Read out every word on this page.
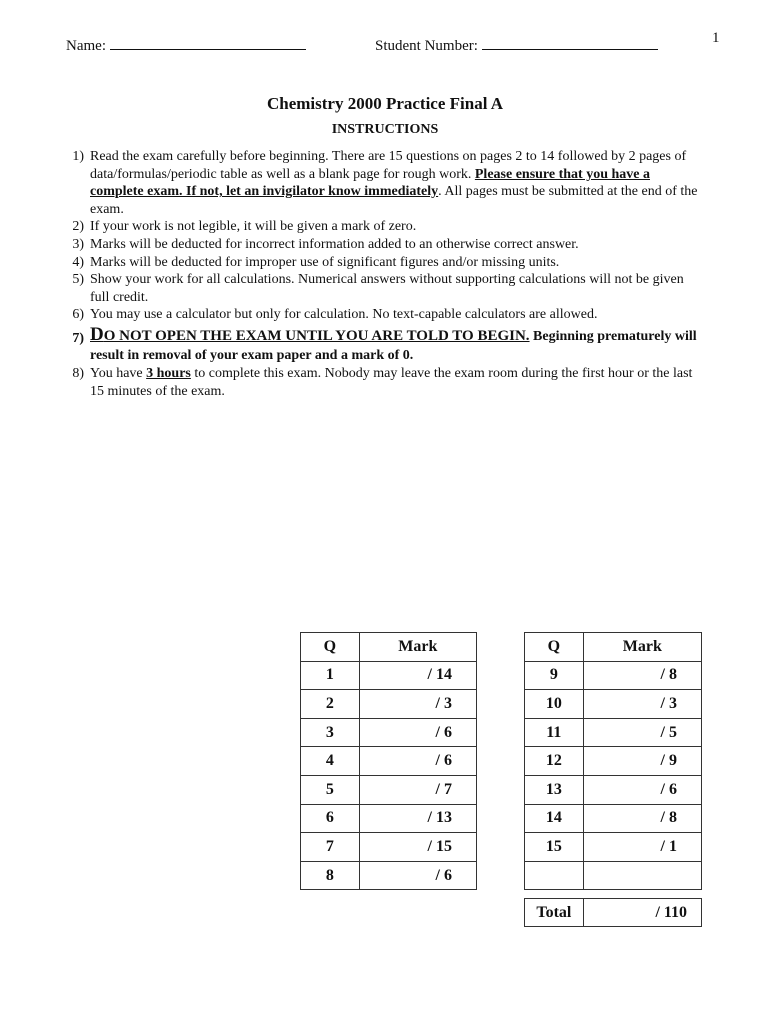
Name:	Student Number:	1
Chemistry 2000 Practice Final A
INSTRUCTIONS
1) Read the exam carefully before beginning. There are 15 questions on pages 2 to 14 followed by 2 pages of data/formulas/periodic table as well as a blank page for rough work. Please ensure that you have a complete exam. If not, let an invigilator know immediately. All pages must be submitted at the end of the exam.
2) If your work is not legible, it will be given a mark of zero.
3) Marks will be deducted for incorrect information added to an otherwise correct answer.
4) Marks will be deducted for improper use of significant figures and/or missing units.
5) Show your work for all calculations. Numerical answers without supporting calculations will not be given full credit.
6) You may use a calculator but only for calculation. No text-capable calculators are allowed.
7) DO NOT OPEN THE EXAM UNTIL YOU ARE TOLD TO BEGIN. Beginning prematurely will result in removal of your exam paper and a mark of 0.
8) You have 3 hours to complete this exam. Nobody may leave the exam room during the first hour or the last 15 minutes of the exam.
Q	Mark
1	/ 14
2	/ 3
3	/ 6
4	/ 6
5	/ 7
6	/ 13
7	/ 15
8	/ 6
Q	Mark
9	/ 8
10	/ 3
11	/ 5
12	/ 9
13	/ 6
14	/ 8
15	/ 1

Total	/ 110
